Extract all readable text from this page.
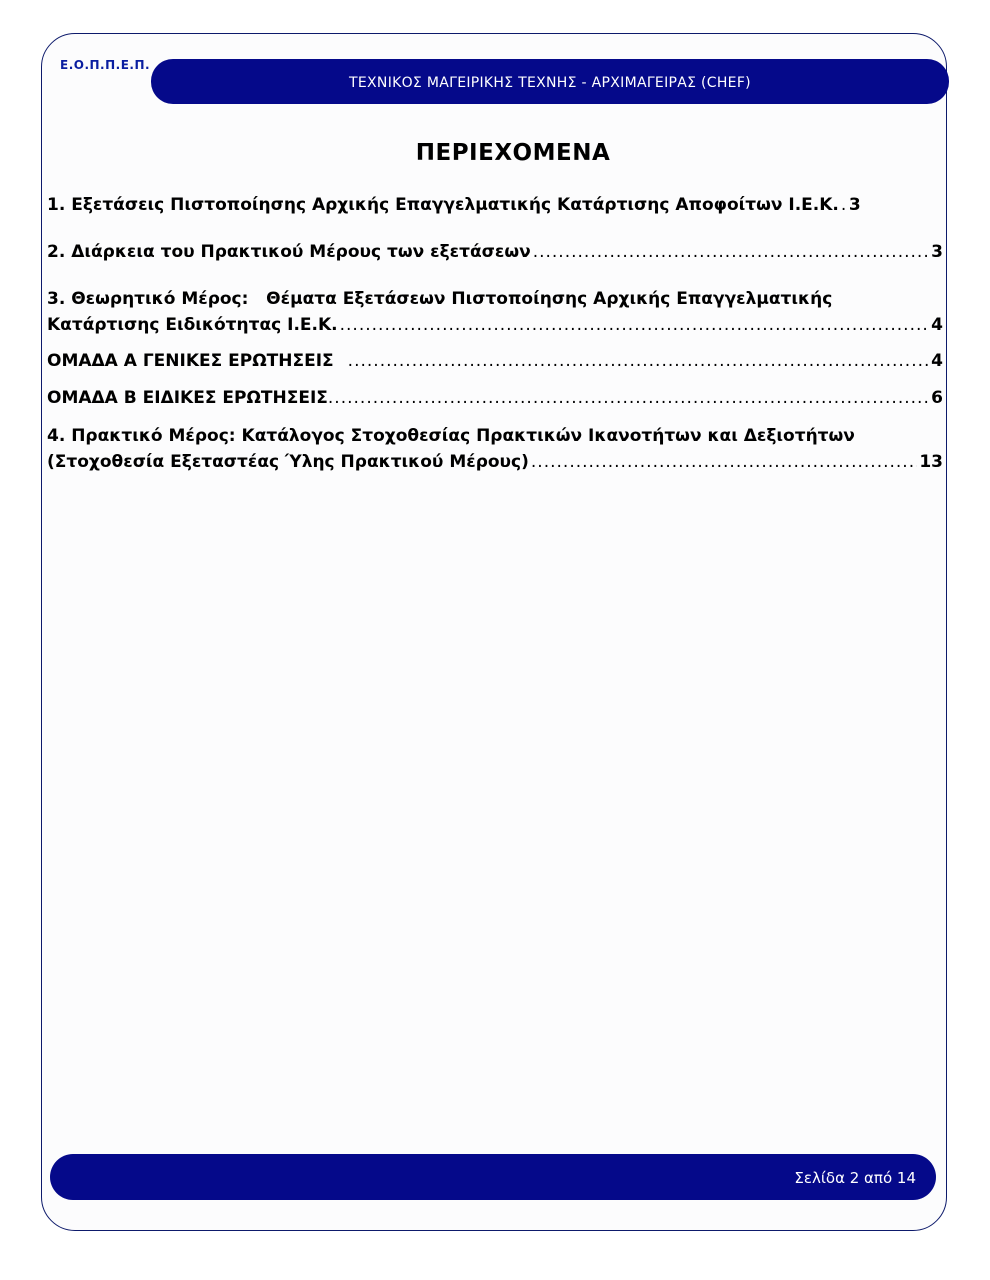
Ε.Ο.Π.Π.Ε.Π.
ΤΕΧΝΙΚΟΣ ΜΑΓΕΙΡΙΚΗΣ ΤΕΧΝΗΣ - ΑΡΧΙΜΑΓΕΙΡΑΣ (CHEF)
ΠΕΡΙΕΧΟΜΕΝΑ
1. Εξετάσεις Πιστοποίησης Αρχικής Επαγγελματικής Κατάρτισης Αποφοίτων Ι.Ε.Κ. ..... 3
2. Διάρκεια του Πρακτικού Μέρους των εξετάσεων .....	3
3. Θεωρητικό Μέρος:   Θέματα Εξετάσεων Πιστοποίησης Αρχικής Επαγγελματικής
Κατάρτισης Ειδικότητας Ι.Ε.Κ. .....	4
ΟΜΑΔΑ Α ΓΕΝΙΚΕΣ ΕΡΩΤΗΣΕΙΣ .....	4
ΟΜΑΔΑ Β ΕΙΔΙΚΕΣ ΕΡΩΤΗΣΕΙΣ .....	6
4. Πρακτικό Μέρος: Κατάλογος Στοχοθεσίας Πρακτικών Ικανοτήτων και Δεξιοτήτων
(Στοχοθεσία Εξεταστέας Ύλης Πρακτικού Μέρους) .....	13
Σελίδα 2 από 14
